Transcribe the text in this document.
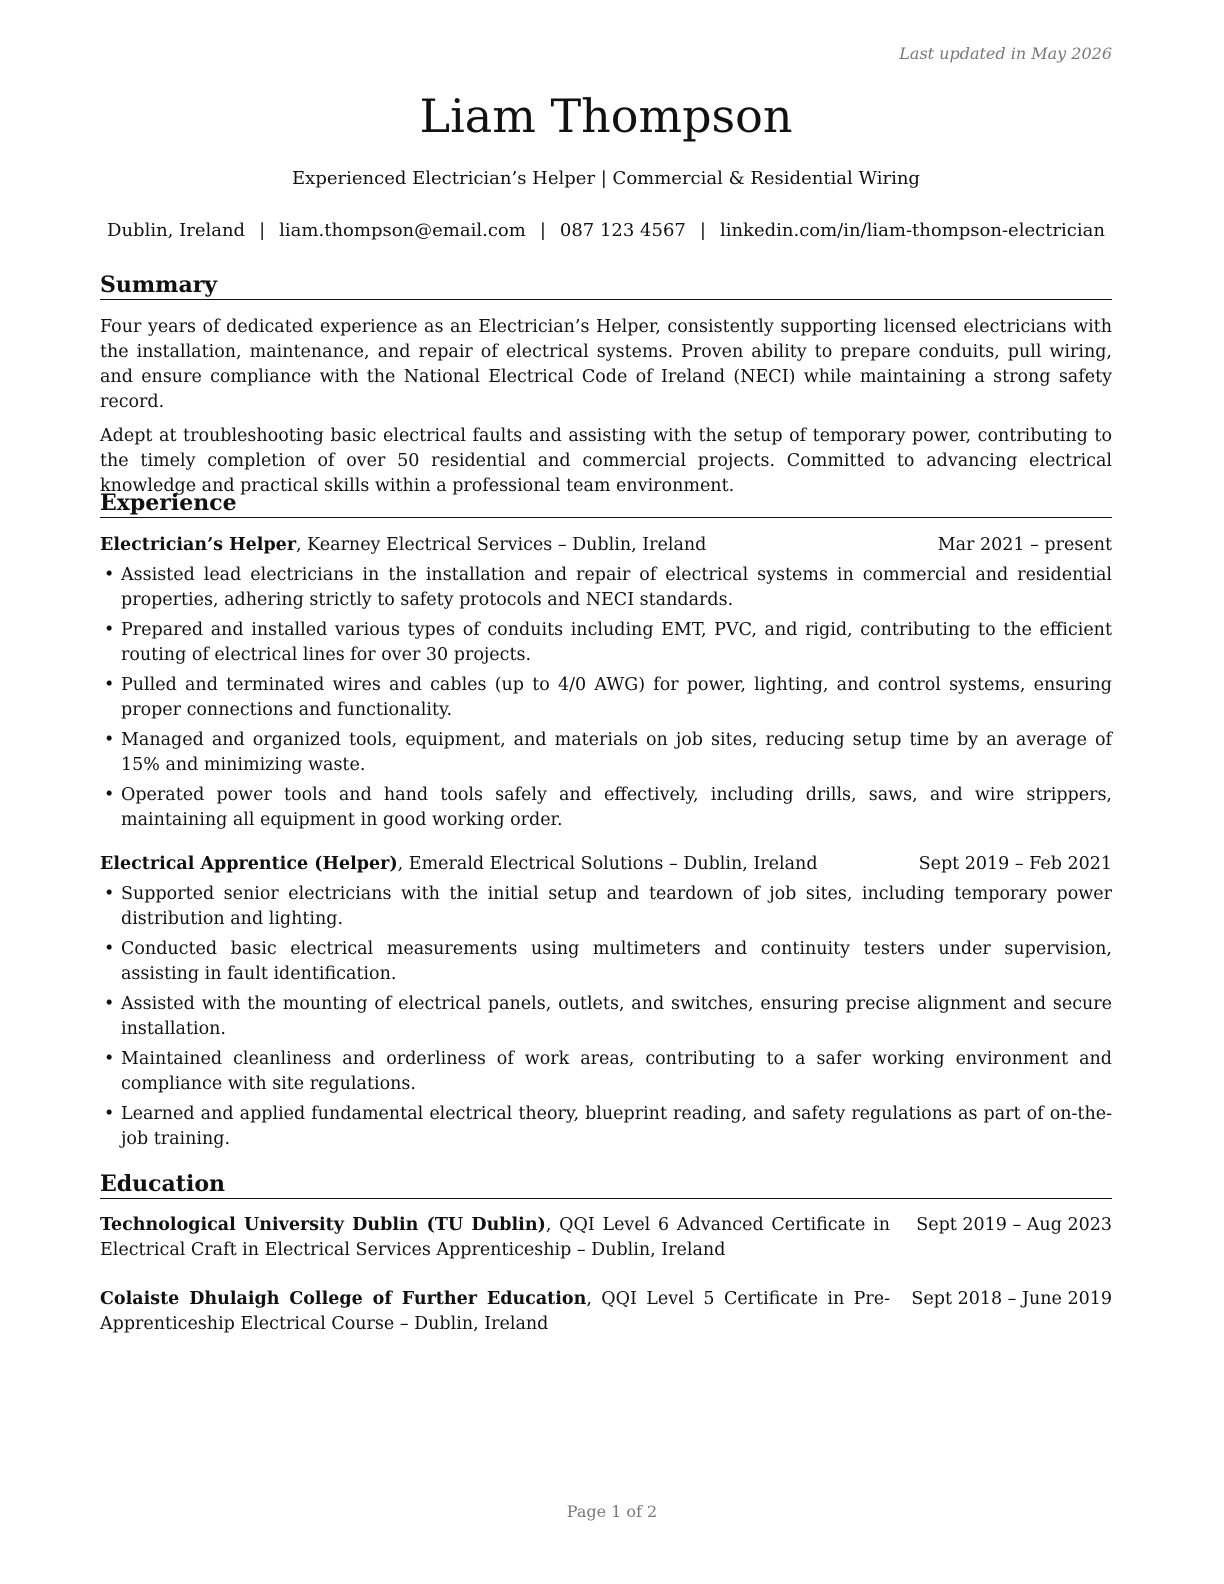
Last updated in May 2026
Liam Thompson
Experienced Electrician’s Helper | Commercial & Residential Wiring
Dublin, Ireland | liam.thompson@email.com | 087 123 4567 | linkedin.com/in/liam-thompson-electrician
Summary

Four years of dedicated experience as an Electrician’s Helper, consistently supporting licensed electricians with the installation, maintenance, and repair of electrical systems. Proven ability to prepare conduits, pull wiring, and ensure compliance with the National Electrical Code of Ireland (NECI) while maintaining a strong safety record.

Adept at troubleshooting basic electrical faults and assisting with the setup of temporary power, contributing to the timely completion of over 50 residential and commercial projects. Committed to advancing electrical knowledge and practical skills within a professional team environment.

Experience
Electrician’s Helper, Kearney Electrical Services – Dublin, Ireland	Mar 2021 – present
• Assisted lead electricians in the installation and repair of electrical systems in commercial and residential properties, adhering strictly to safety protocols and NECI standards.
• Prepared and installed various types of conduits including EMT, PVC, and rigid, contributing to the efficient routing of electrical lines for over 30 projects.
• Pulled and terminated wires and cables (up to 4/0 AWG) for power, lighting, and control systems, ensuring proper connections and functionality.
• Managed and organized tools, equipment, and materials on job sites, reducing setup time by an average of 15% and minimizing waste.
• Operated power tools and hand tools safely and effectively, including drills, saws, and wire strippers, maintaining all equipment in good working order.
Electrical Apprentice (Helper), Emerald Electrical Solutions – Dublin, Ireland	Sept 2019 – Feb 2021
• Supported senior electricians with the initial setup and teardown of job sites, including temporary power distribution and lighting.
• Conducted basic electrical measurements using multimeters and continuity testers under supervision, assisting in fault identification.
• Assisted with the mounting of electrical panels, outlets, and switches, ensuring precise alignment and secure installation.
• Maintained cleanliness and orderliness of work areas, contributing to a safer working environment and compliance with site regulations.
• Learned and applied fundamental electrical theory, blueprint reading, and safety regulations as part of on-the-job training.
Education
Technological University Dublin (TU Dublin), QQI Level 6 Advanced Certificate in Electrical Craft in Electrical Services Apprenticeship – Dublin, Ireland
Sept 2019 – Aug 2023
Colaiste Dhulaigh College of Further Education, QQI Level 5 Certificate in Pre-Apprenticeship Electrical Course – Dublin, Ireland
Sept 2018 – June 2019
Page 1 of 2
